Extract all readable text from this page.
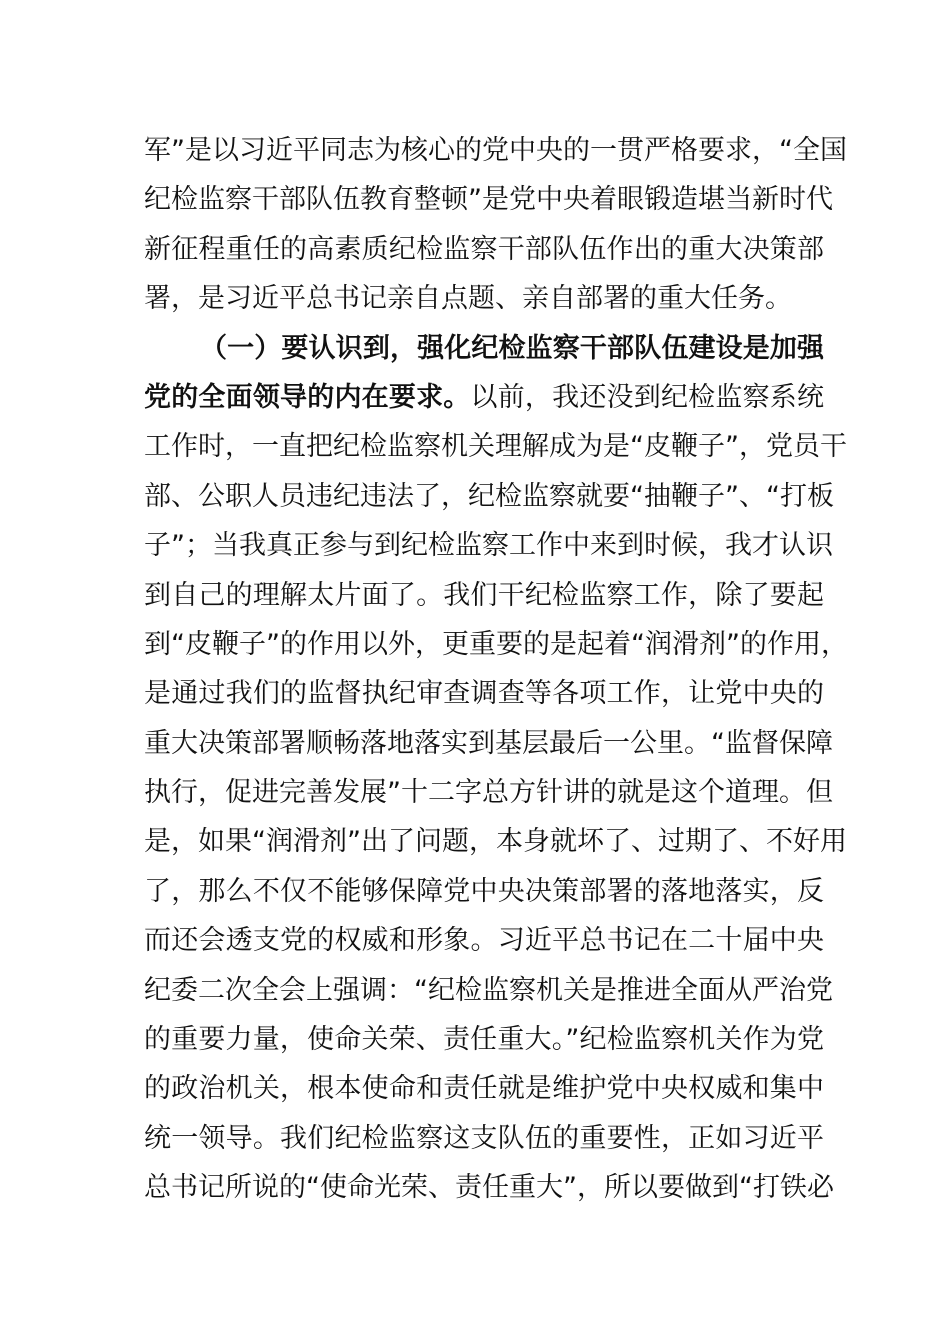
军”是以习近平同志为核心的党中央的一贯严格要求，“全国
纪检监察干部队伍教育整顿”是党中央着眼锻造堪当新时代
新征程重任的高素质纪检监察干部队伍作出的重大决策部
署，是习近平总书记亲自点题、亲自部署的重大任务。
（一）要认识到，强化纪检监察干部队伍建设是加强
党的全面领导的内在要求。以前，我还没到纪检监察系统
工作时，一直把纪检监察机关理解成为是“皮鞭子”，党员干
部、公职人员违纪违法了，纪检监察就要“抽鞭子”、“打板
子”；当我真正参与到纪检监察工作中来到时候，我才认识
到自己的理解太片面了。我们干纪检监察工作，除了要起
到“皮鞭子”的作用以外，更重要的是起着“润滑剂”的作用，
是通过我们的监督执纪审查调查等各项工作，让党中央的
重大决策部署顺畅落地落实到基层最后一公里。“监督保障
执行，促进完善发展”十二字总方针讲的就是这个道理。但
是，如果“润滑剂”出了问题，本身就坏了、过期了、不好用
了，那么不仅不能够保障党中央决策部署的落地落实，反
而还会透支党的权威和形象。习近平总书记在二十届中央
纪委二次全会上强调：“纪检监察机关是推进全面从严治党
的重要力量，使命关荣、责任重大。”纪检监察机关作为党
的政治机关，根本使命和责任就是维护党中央权威和集中
统一领导。我们纪检监察这支队伍的重要性，正如习近平
总书记所说的“使命光荣、责任重大”，所以要做到“打铁必
